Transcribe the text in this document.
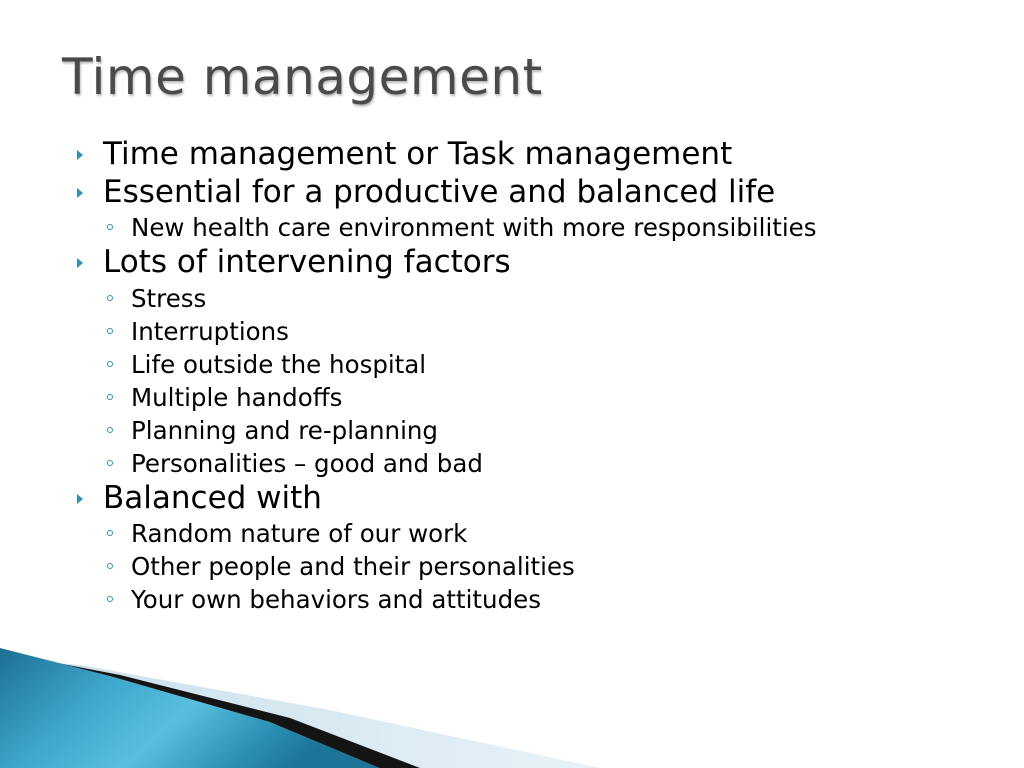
Time management
Time management or Task management
Essential for a productive and balanced life
New health care environment with more responsibilities
Lots of intervening factors
Stress
Interruptions
Life outside the hospital
Multiple handoffs
Planning and re-planning
Personalities – good and bad
Balanced with
Random nature of our work
Other people and their personalities
Your own behaviors and attitudes
